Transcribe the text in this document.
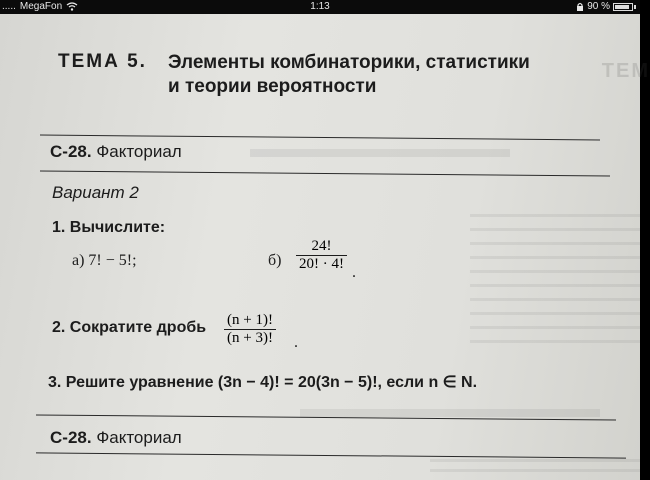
..... MegaFon	1:13	90 %
ТЕМ
ТЕМА 5. Элементы комбинаторики, статистики
и теории вероятности
С-28. Факториал
Вариант 2
1. Вычислите:
а) 7! − 5!;	$б) \frac{24!}{20! \cdot 4!}$ .
2. Сократите дробь $\frac{(n + 1)!}{(n + 3)!}$ .
3. Решите уравнение (3n − 4)! = 20(3n − 5)!, если n ∈ N.
С-28. Факториал
